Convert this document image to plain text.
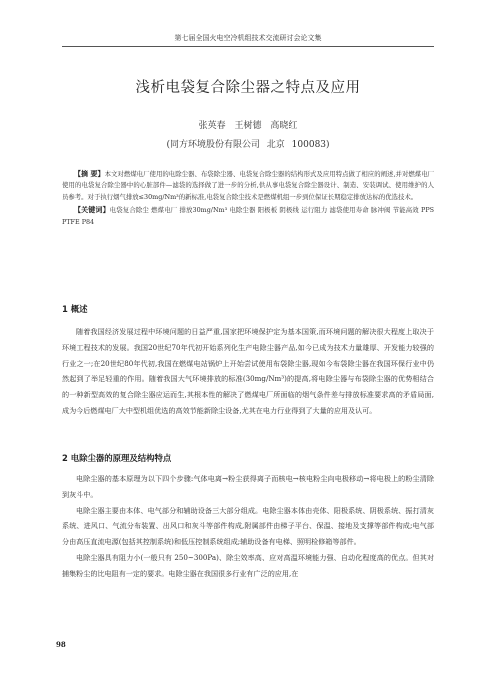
第七届全国火电空冷机组技术交流研讨会论文集
浅析电袋复合除尘器之特点及应用
张英春 王树德 高晓红
(同方环境股份有限公司 北京 100083)
【摘 要】本文对燃煤电厂使用的电除尘器、布袋除尘器、电袋复合除尘器的结构形式及应用特点做了相应的阐述,并对燃煤电厂使用的电袋复合除尘器中的心脏部件—滤袋的选择做了进一步的分析,供从事电袋复合除尘器设计、制造、安装调试、使用维护的人员参考。对于执行烟气排放≤30mg/Nm³的新标准,电袋复合除尘技术是燃煤机组一步到位保证长期稳定排放达标的优选技术。
【关键词】电袋复合除尘 燃煤电厂 排放30mg/Nm³ 电除尘器 阳极板 阴极线 运行阻力 滤袋使用寿命 脉冲阀 节能高效 PPS PTFE P84
1 概述

随着我国经济发展过程中环境问题的日益严重,国家把环境保护定为基本国策,而环境问题的解决很大程度上取决于环境工程技术的发展。我国20世纪70年代初开始系列化生产电除尘器产品,如今已成为技术力量雄厚、开发能力较强的行业之一;在20世纪80年代初,我国在燃煤电站锅炉上开始尝试使用布袋除尘器,现如今布袋除尘器在我国环保行业中仍然起到了举足轻重的作用。随着我国大气环境排放的标准(30mg/Nm³)的提高,将电除尘器与布袋除尘器的优势相结合的一种新型高效的复合除尘器应运而生,其根本性的解决了燃煤电厂所面临的烟气条件差与排放标准要求高的矛盾局面,成为今后燃煤电厂大中型机组优选的高效节能新除尘设备,尤其在电力行业得到了大量的应用及认可。

2 电除尘器的原理及结构特点

电除尘器的基本原理为以下四个步骤:气体电离→粉尘获得离子而核电→核电粉尘向电极移动→将电极上的粉尘清除到灰斗中。

电除尘器主要由本体、电气部分和辅助设备三大部分组成。电除尘器本体由壳体、阳极系统、阴极系统、振打清灰系统、进风口、气流分布装置、出风口和灰斗等部件构成,附属部件由梯子平台、保温、接地及支撑等部件构成;电气部分由高压直流电源(包括其控制系统)和低压控制系统组成;辅助设备有电梯、照明检修箱等部件。

电除尘器具有阻力小(一般只有 250~300Pa)、除尘效率高、应对高温环境能力强、自动化程度高的优点。但其对捕集粉尘的比电阻有一定的要求。电除尘器在我国很多行业有广泛的应用,在

98
